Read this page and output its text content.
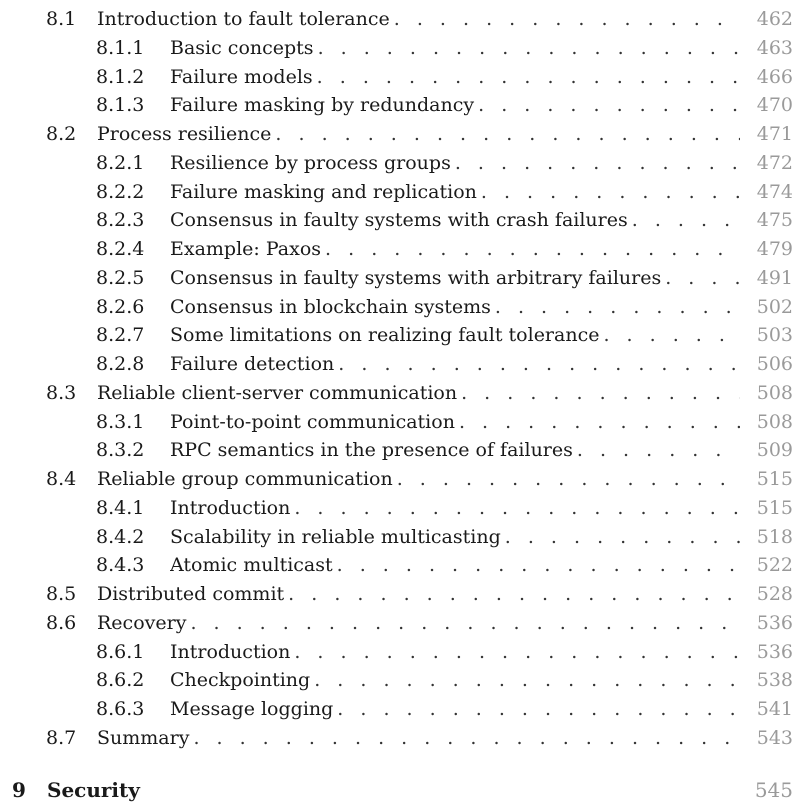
8.1 Introduction to fault tolerance . . .	462
8.1.1 Basic concepts . . .	463
8.1.2 Failure models . . .	466
8.1.3 Failure masking by redundancy . . .	470
8.2 Process resilience . . .	471
8.2.1 Resilience by process groups . . .	472
8.2.2 Failure masking and replication . . .	474
8.2.3 Consensus in faulty systems with crash failures . . .	475
8.2.4 Example: Paxos . . .	479
8.2.5 Consensus in faulty systems with arbitrary failures . . .	491
8.2.6 Consensus in blockchain systems . . .	502
8.2.7 Some limitations on realizing fault tolerance . . .	503
8.2.8 Failure detection . . .	506
8.3 Reliable client-server communication . . .	508
8.3.1 Point-to-point communication . . .	508
8.3.2 RPC semantics in the presence of failures . . .	509
8.4 Reliable group communication . . .	515
8.4.1 Introduction . . .	515
8.4.2 Scalability in reliable multicasting . . .	518
8.4.3 Atomic multicast . . .	522
8.5 Distributed commit . . .	528
8.6 Recovery . . .	536
8.6.1 Introduction . . .	536
8.6.2 Checkpointing . . .	538
8.6.3 Message logging . . .	541
8.7 Summary . . .	543
9 Security	545
